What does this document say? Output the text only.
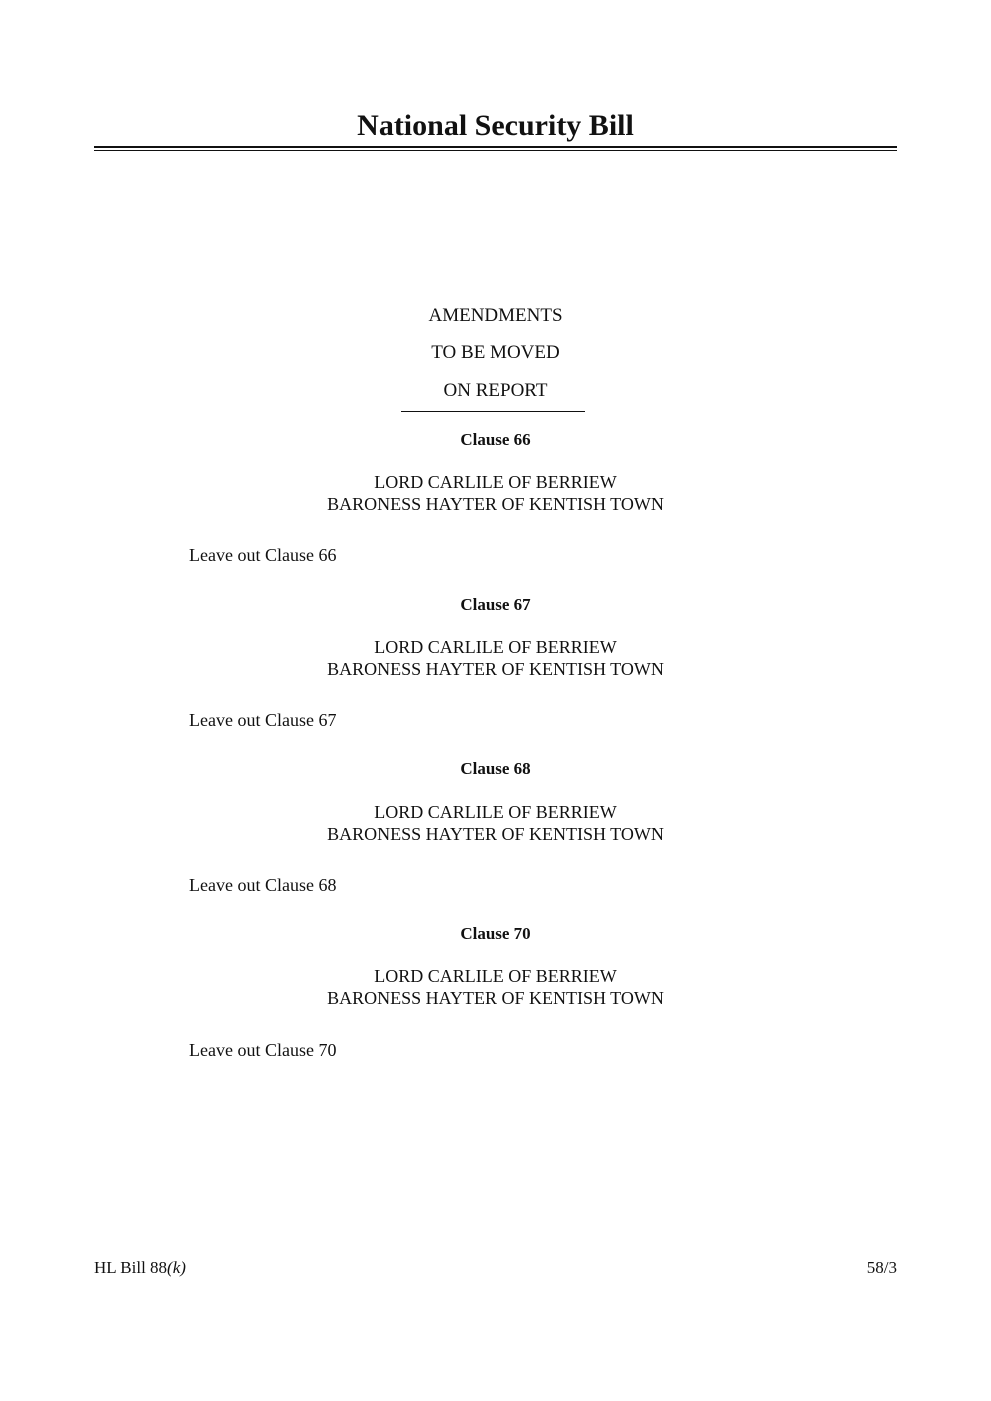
National Security Bill
AMENDMENTS
TO BE MOVED
ON REPORT
Clause 66
LORD CARLILE OF BERRIEW
BARONESS HAYTER OF KENTISH TOWN
Leave out Clause 66
Clause 67
LORD CARLILE OF BERRIEW
BARONESS HAYTER OF KENTISH TOWN
Leave out Clause 67
Clause 68
LORD CARLILE OF BERRIEW
BARONESS HAYTER OF KENTISH TOWN
Leave out Clause 68
Clause 70
LORD CARLILE OF BERRIEW
BARONESS HAYTER OF KENTISH TOWN
Leave out Clause 70
HL Bill 88(k)	58/3
